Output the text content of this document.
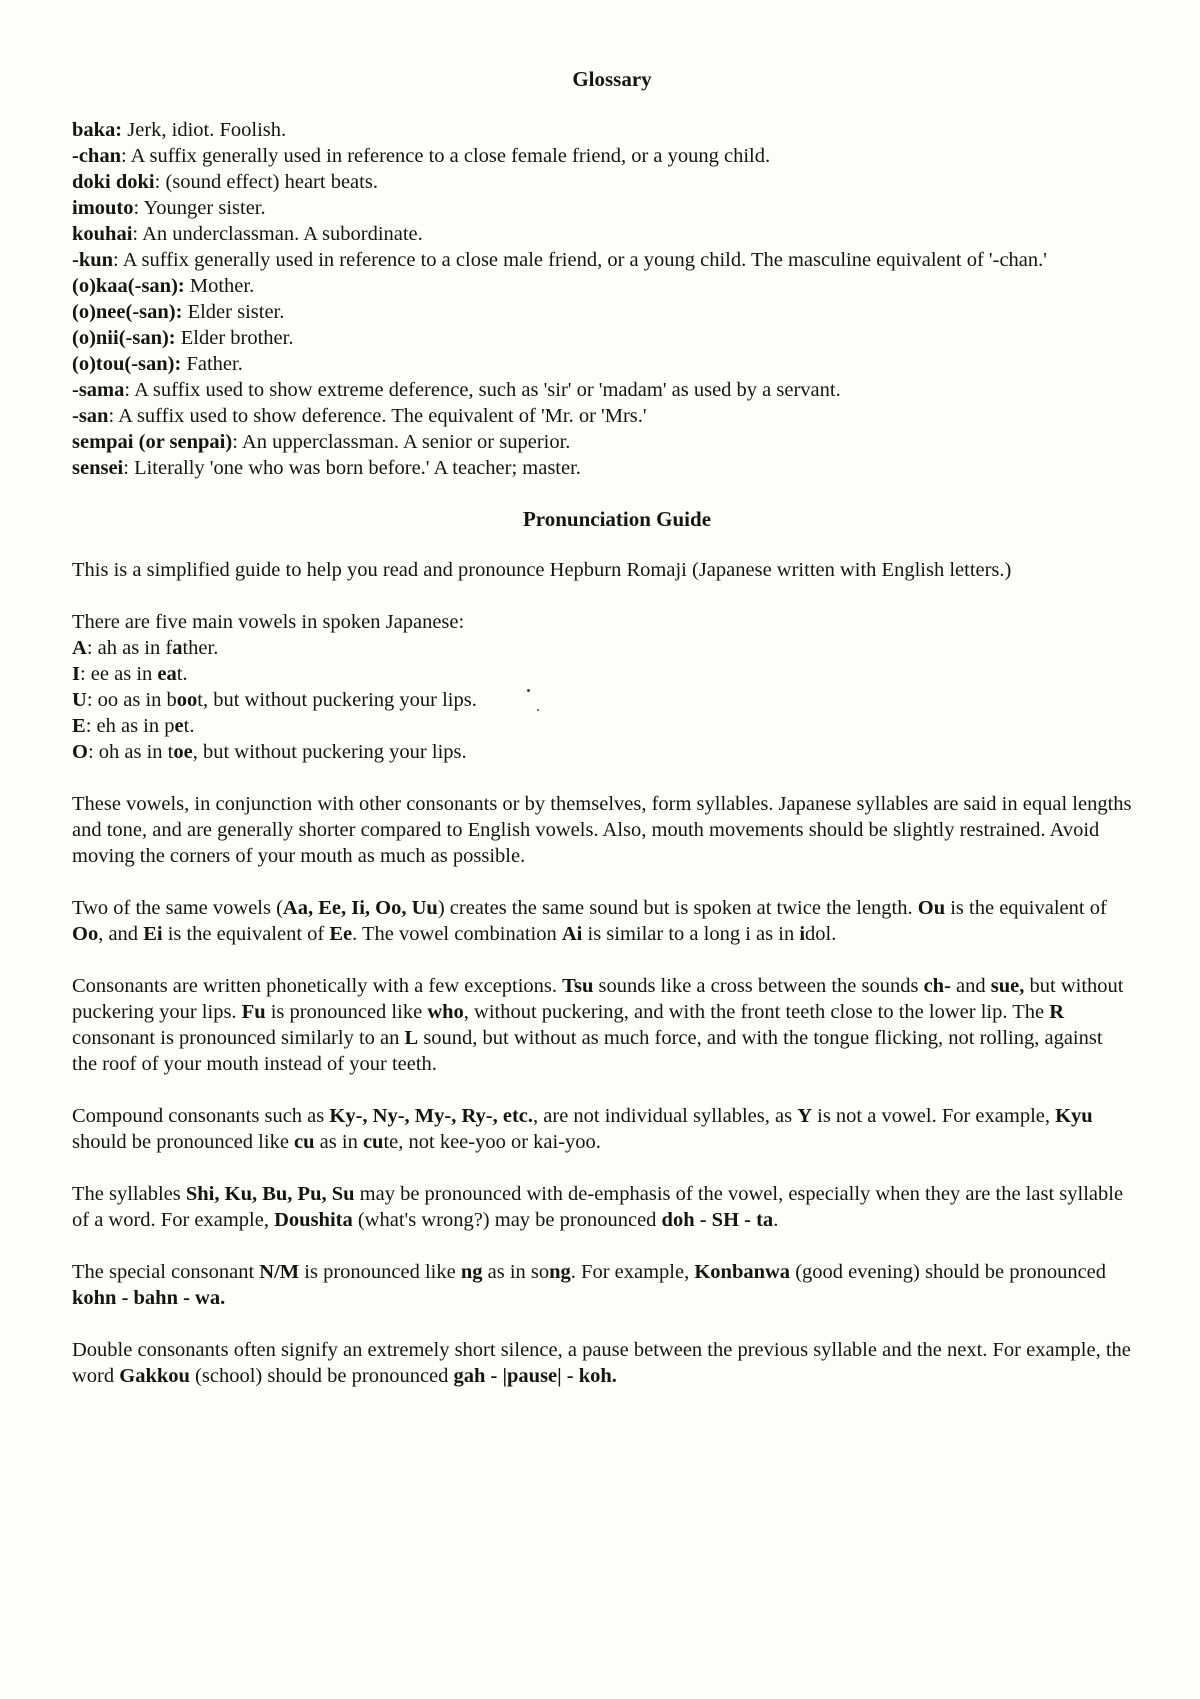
Glossary
baka: Jerk, idiot. Foolish.
-chan: A suffix generally used in reference to a close female friend, or a young child.
doki doki: (sound effect) heart beats.
imouto: Younger sister.
kouhai: An underclassman. A subordinate.
-kun: A suffix generally used in reference to a close male friend, or a young child. The masculine equivalent of '-chan.'
(o)kaa(-san): Mother.
(o)nee(-san): Elder sister.
(o)nii(-san): Elder brother.
(o)tou(-san): Father.
-sama: A suffix used to show extreme deference, such as 'sir' or 'madam' as used by a servant.
-san: A suffix used to show deference. The equivalent of 'Mr. or 'Mrs.'
sempai (or senpai): An upperclassman. A senior or superior.
sensei: Literally 'one who was born before.' A teacher; master.
Pronunciation Guide

This is a simplified guide to help you read and pronounce Hepburn Romaji (Japanese written with English letters.)

There are five main vowels in spoken Japanese:
A: ah as in father.
I: ee as in eat.
U: oo as in boot, but without puckering your lips.
E: eh as in pet.
O: oh as in toe, but without puckering your lips.

These vowels, in conjunction with other consonants or by themselves, form syllables. Japanese syllables are said in equal lengths and tone, and are generally shorter compared to English vowels. Also, mouth movements should be slightly restrained. Avoid moving the corners of your mouth as much as possible.

Two of the same vowels (Aa, Ee, Ii, Oo, Uu) creates the same sound but is spoken at twice the length. Ou is the equivalent of Oo, and Ei is the equivalent of Ee. The vowel combination Ai is similar to a long i as in idol.

Consonants are written phonetically with a few exceptions. Tsu sounds like a cross between the sounds ch- and sue, but without puckering your lips. Fu is pronounced like who, without puckering, and with the front teeth close to the lower lip. The R consonant is pronounced similarly to an L sound, but without as much force, and with the tongue flicking, not rolling, against the roof of your mouth instead of your teeth.

Compound consonants such as Ky-, Ny-, My-, Ry-, etc., are not individual syllables, as Y is not a vowel. For example, Kyu should be pronounced like cu as in cute, not kee-yoo or kai-yoo.

The syllables Shi, Ku, Bu, Pu, Su may be pronounced with de-emphasis of the vowel, especially when they are the last syllable of a word. For example, Doushita (what's wrong?) may be pronounced doh - SH - ta.

The special consonant N/M is pronounced like ng as in song. For example, Konbanwa (good evening) should be pronounced kohn - bahn - wa.

Double consonants often signify an extremely short silence, a pause between the previous syllable and the next. For example, the word Gakkou (school) should be pronounced gah - |pause| - koh.
